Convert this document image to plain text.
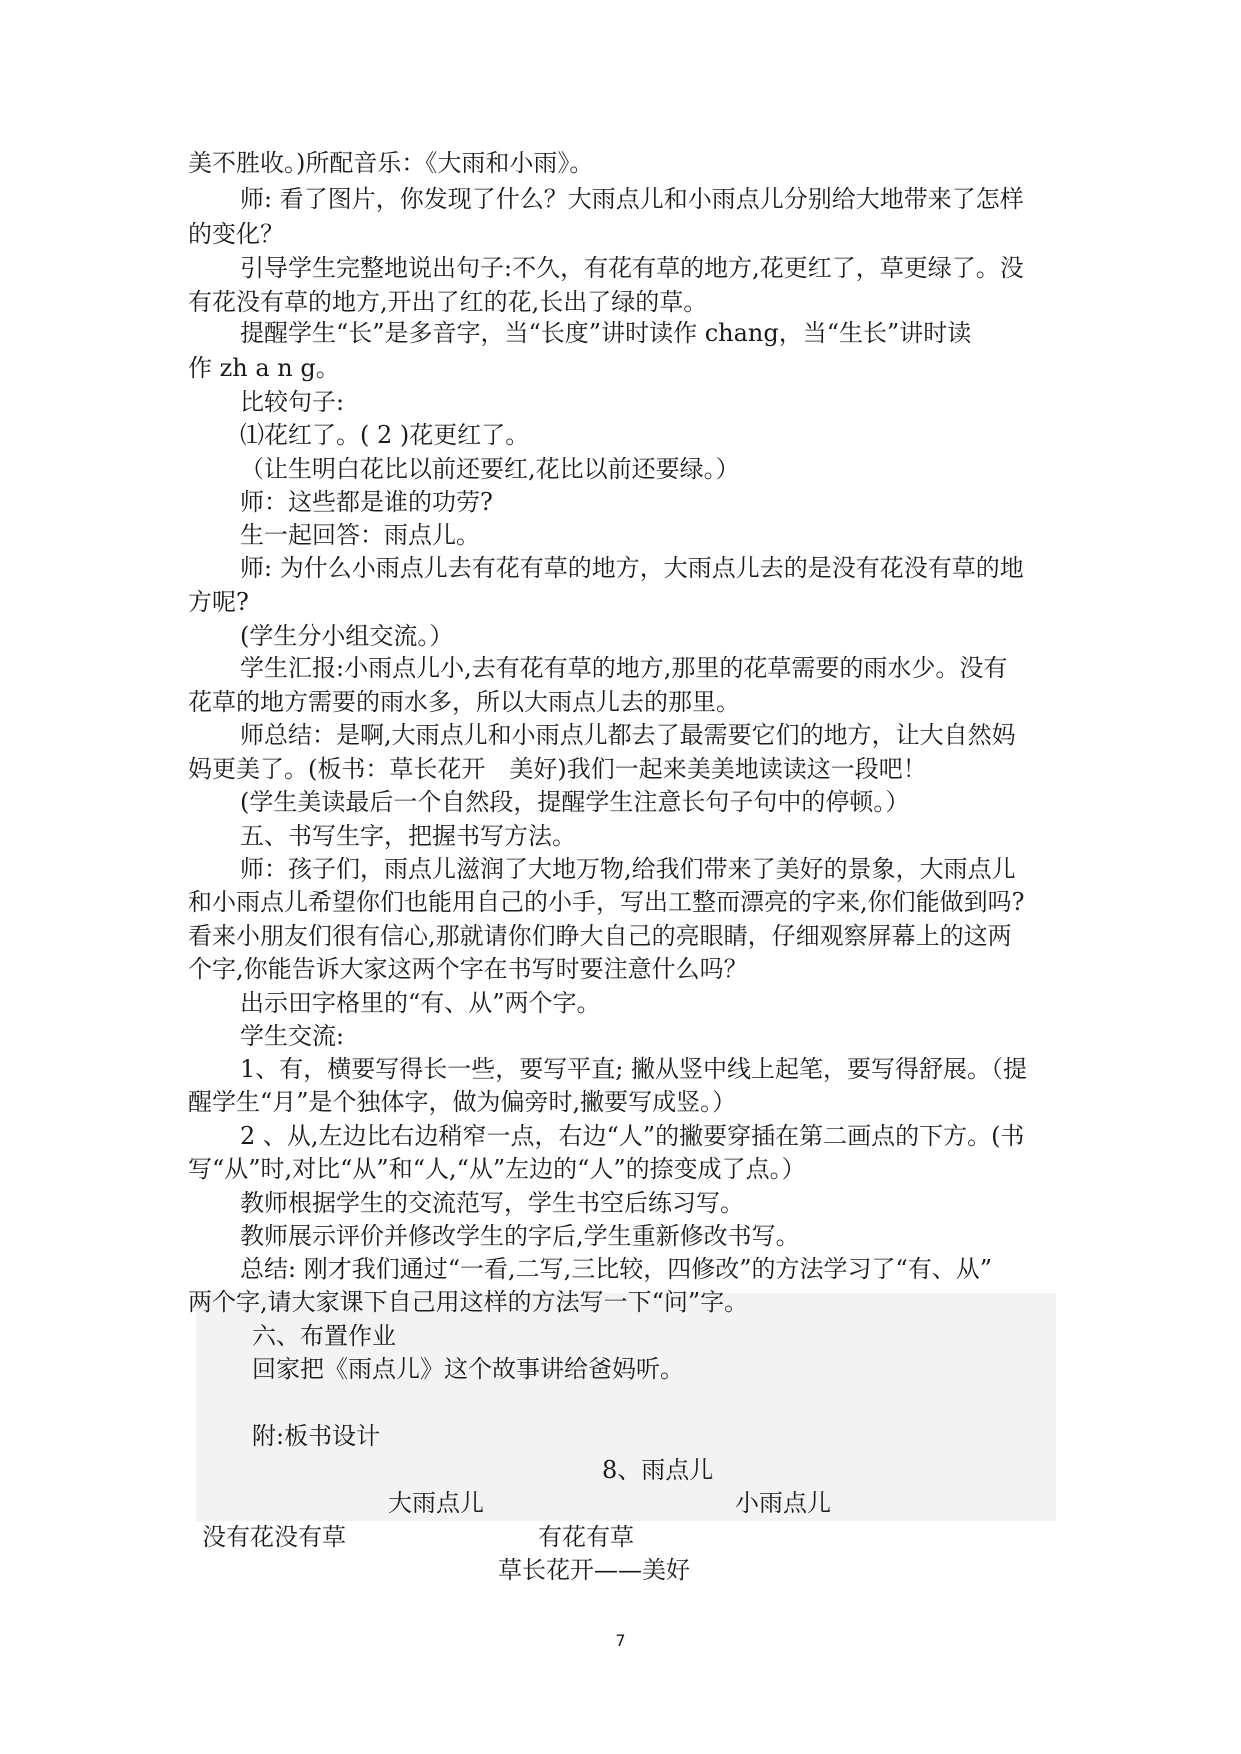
美不胜收。)所配音乐：《大雨和小雨》。
师: 看了图片，你发现了什么？大雨点儿和小雨点儿分别给大地带来了怎样
的变化？
引导学生完整地说出句子:不久，有花有草的地方,花更红了，草更绿了。没
有花没有草的地方,开出了红的花,长出了绿的草。
提醒学生“长”是多音字，当“长度”讲时读作 chang，当“生长”讲时读
作 zh a n g。
比较句子:
⑴花红了。( 2 )花更红了。
（让生明白花比以前还要红,花比以前还要绿。）
师：这些都是谁的功劳?
生一起回答：雨点儿。
师: 为什么小雨点儿去有花有草的地方，大雨点儿去的是没有花没有草的地
方呢?
(学生分小组交流。）
学生汇报:小雨点儿小,去有花有草的地方,那里的花草需要的雨水少。没有
花草的地方需要的雨水多，所以大雨点儿去的那里。
师总结：是啊,大雨点儿和小雨点儿都去了最需要它们的地方，让大自然妈
妈更美了。(板书：草长花开　美好)我们一起来美美地读读这一段吧！
(学生美读最后一个自然段，提醒学生注意长句子句中的停顿。）
五、书写生字，把握书写方法。
师：孩子们，雨点儿滋润了大地万物,给我们带来了美好的景象，大雨点儿
和小雨点儿希望你们也能用自己的小手，写出工整而漂亮的字来,你们能做到吗?
看来小朋友们很有信心,那就请你们睁大自己的亮眼睛，仔细观察屏幕上的这两
个字,你能告诉大家这两个字在书写时要注意什么吗？
出示田字格里的“有、从”两个字。
学生交流:
1、有，横要写得长一些，要写平直; 撇从竖中线上起笔，要写得舒展。（提
醒学生“月”是个独体字，做为偏旁时,撇要写成竖。）
2 、从,左边比右边稍窄一点，右边“人”的撇要穿插在第二画点的下方。(书
写“从”时,对比“从”和“人,“从”左边的“人”的捺变成了点。）
教师根据学生的交流范写，学生书空后练习写。
教师展示评价并修改学生的字后,学生重新修改书写。
总结: 刚才我们通过“一看,二写,三比较，四修改”的方法学习了“有、从”
两个字,请大家课下自己用这样的方法写一下“问”字。
六、布置作业
回家把《雨点儿》这个故事讲给爸妈听。
附:板书设计
8、雨点儿
大雨点儿	小雨点儿
没有花没有草	有花有草
草长花开——美好
7
